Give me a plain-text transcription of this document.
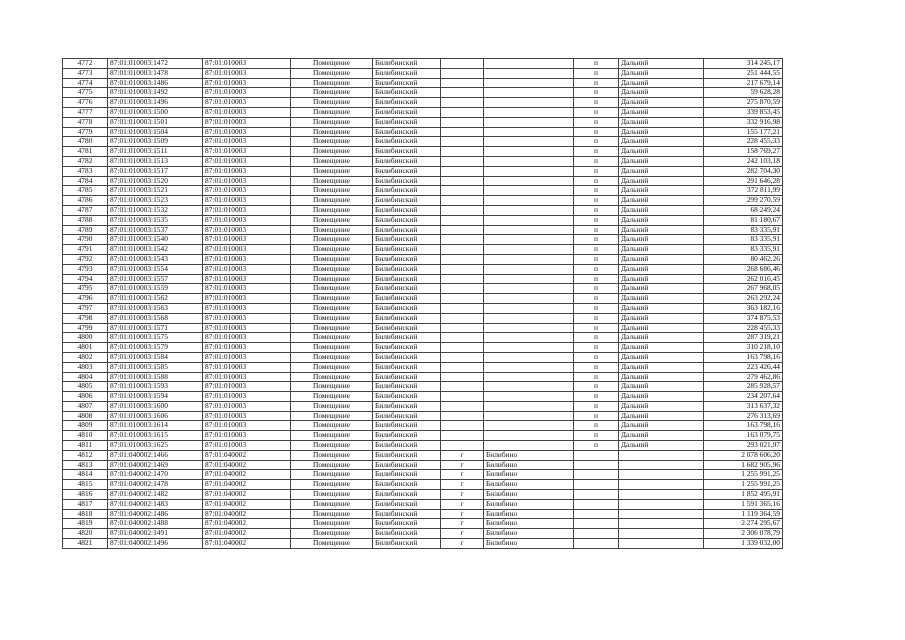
4772	87:01:010003:1472	87:01:010003	Помещение	Билибинский			п	Дальний	314 245,17
4773	87:01:010003:1478	87:01:010003	Помещение	Билибинский			п	Дальний	251 444,55
4774	87:01:010003:1486	87:01:010003	Помещение	Билибинский			п	Дальний	217 679,14
4775	87:01:010003:1492	87:01:010003	Помещение	Билибинский			п	Дальний	59 628,28
4776	87:01:010003:1496	87:01:010003	Помещение	Билибинский			п	Дальний	275 870,59
4777	87:01:010003:1500	87:01:010003	Помещение	Билибинский			п	Дальний	339 853,45
4778	87:01:010003:1501	87:01:010003	Помещение	Билибинский			п	Дальний	332 916,98
4779	87:01:010003:1504	87:01:010003	Помещение	Билибинский			п	Дальний	155 177,21
4780	87:01:010003:1509	87:01:010003	Помещение	Билибинский			п	Дальний	228 455,33
4781	87:01:010003:1511	87:01:010003	Помещение	Билибинский			п	Дальний	158 769,27
4782	87:01:010003:1513	87:01:010003	Помещение	Билибинский			п	Дальний	242 103,18
4783	87:01:010003:1517	87:01:010003	Помещение	Билибинский			п	Дальний	282 704,30
4784	87:01:010003:1520	87:01:010003	Помещение	Билибинский			п	Дальний	291 646,28
4785	87:01:010003:1521	87:01:010003	Помещение	Билибинский			п	Дальний	372 811,99
4786	87:01:010003:1523	87:01:010003	Помещение	Билибинский			п	Дальний	299 270,59
4787	87:01:010003:1532	87:01:010003	Помещение	Билибинский			п	Дальний	68 249,24
4788	87:01:010003:1535	87:01:010003	Помещение	Билибинский			п	Дальний	81 180,67
4789	87:01:010003:1537	87:01:010003	Помещение	Билибинский			п	Дальний	83 335,91
4790	87:01:010003:1540	87:01:010003	Помещение	Билибинский			п	Дальний	83 335,91
4791	87:01:010003:1542	87:01:010003	Помещение	Билибинский			п	Дальний	83 335,91
4792	87:01:010003:1543	87:01:010003	Помещение	Билибинский			п	Дальний	80 462,26
4793	87:01:010003:1554	87:01:010003	Помещение	Билибинский			п	Дальний	268 686,46
4794	87:01:010003:1557	87:01:010003	Помещение	Билибинский			п	Дальний	262 016,45
4795	87:01:010003:1559	87:01:010003	Помещение	Билибинский			п	Дальний	267 968,05
4796	87:01:010003:1562	87:01:010003	Помещение	Билибинский			п	Дальний	263 292,24
4797	87:01:010003:1563	87:01:010003	Помещение	Билибинский			п	Дальний	363 182,16
4798	87:01:010003:1568	87:01:010003	Помещение	Билибинский			п	Дальний	374 875,53
4799	87:01:010003:1571	87:01:010003	Помещение	Билибинский			п	Дальний	228 455,33
4800	87:01:010003:1575	87:01:010003	Помещение	Билибинский			п	Дальний	287 319,21
4801	87:01:010003:1579	87:01:010003	Помещение	Билибинский			п	Дальний	310 218,10
4802	87:01:010003:1584	87:01:010003	Помещение	Билибинский			п	Дальний	163 798,16
4803	87:01:010003:1585	87:01:010003	Помещение	Билибинский			п	Дальний	223 426,44
4804	87:01:010003:1588	87:01:010003	Помещение	Билибинский			п	Дальний	279 462,86
4805	87:01:010003:1593	87:01:010003	Помещение	Билибинский			п	Дальний	285 928,57
4806	87:01:010003:1594	87:01:010003	Помещение	Билибинский			п	Дальний	234 207,64
4807	87:01:010003:1600	87:01:010003	Помещение	Билибинский			п	Дальний	313 637,32
4808	87:01:010003:1606	87:01:010003	Помещение	Билибинский			п	Дальний	276 313,69
4809	87:01:010003:1614	87:01:010003	Помещение	Билибинский			п	Дальний	163 798,16
4810	87:01:010003:1615	87:01:010003	Помещение	Билибинский			п	Дальний	163 079,75
4811	87:01:010003:1625	87:01:010003	Помещение	Билибинский			п	Дальний	293 021,97
4812	87:01:040002:1466	87:01:040002	Помещение	Билибинский	г	Билибино			2 078 606,20
4813	87:01:040002:1469	87:01:040002	Помещение	Билибинский	г	Билибино			1 682 905,96
4814	87:01:040002:1470	87:01:040002	Помещение	Билибинский	г	Билибино			1 255 991,25
4815	87:01:040002:1478	87:01:040002	Помещение	Билибинский	г	Билибино			1 255 991,25
4816	87:01:040002:1482	87:01:040002	Помещение	Билибинский	г	Билибино			1 852 495,91
4817	87:01:040002:1483	87:01:040002	Помещение	Билибинский	г	Билибино			1 591 365,16
4818	87:01:040002:1486	87:01:040002	Помещение	Билибинский	г	Билибино			1 119 364,59
4819	87:01:040002:1488	87:01:040002	Помещение	Билибинский	г	Билибино			2 274 295,67
4820	87:01:040002:1491	87:01:040002	Помещение	Билибинский	г	Билибино			2 306 078,79
4821	87:01:040002:1496	87:01:040002	Помещение	Билибинский	г	Билибино			1 339 032,00
